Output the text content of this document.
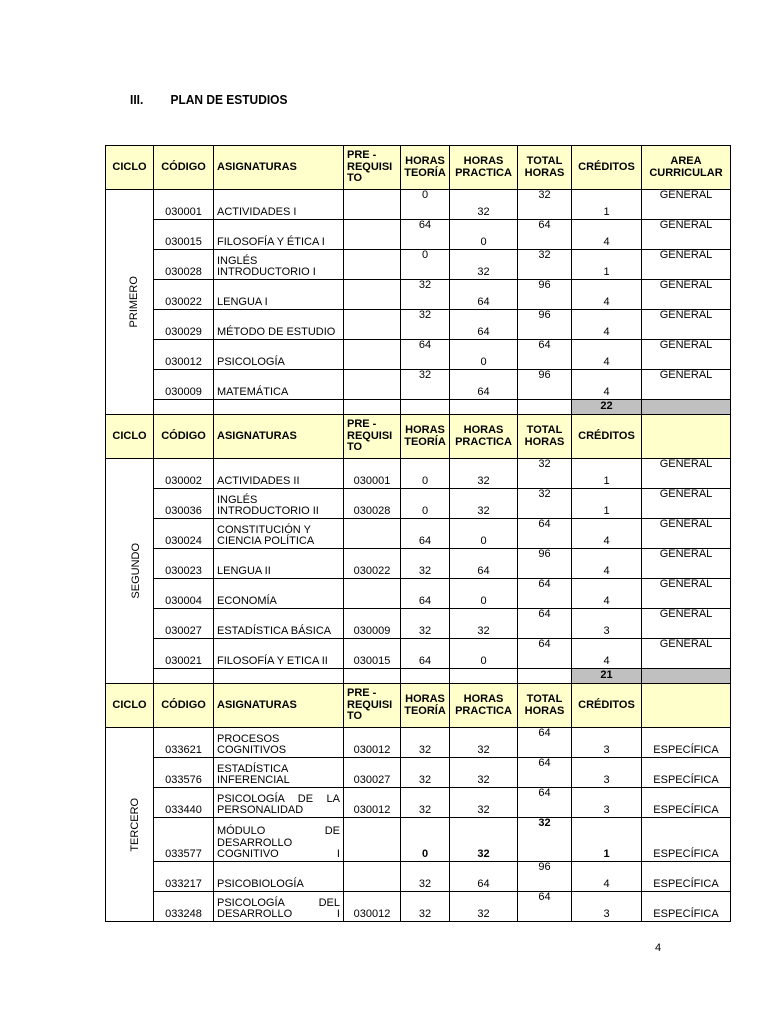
III. PLAN DE ESTUDIOS
CICLO	CÓDIGO	ASIGNATURAS	PRE - REQUISI TO	HORAS TEORÍA	HORAS PRACTICA	TOTAL HORAS	CRÉDITOS	AREA CURRICULAR
PRIMERO	030001	ACTIVIDADES I		0	32	32	1	GENERAL
	030015	FILOSOFÍA Y ÉTICA I		64	0	64	4	GENERAL
	030028	INGLÉS INTRODUCTORIO I		0	32	32	1	GENERAL
	030022	LENGUA I		32	64	96	4	GENERAL
	030029	MÉTODO DE ESTUDIO		32	64	96	4	GENERAL
	030012	PSICOLOGÍA		64	0	64	4	GENERAL
	030009	MATEMÁTICA		32	64	96	4	GENERAL
							22	
CICLO	CÓDIGO	ASIGNATURAS	PRE - REQUISI TO	HORAS TEORÍA	HORAS PRACTICA	TOTAL HORAS	CRÉDITOS	
SEGUNDO	030002	ACTIVIDADES II	030001	0	32	32	1	GENERAL
	030036	INGLÉS INTRODUCTORIO II	030028	0	32	32	1	GENERAL
	030024	CONSTITUCIÓN Y CIENCIA POLÍTICA		64	0	64	4	GENERAL
	030023	LENGUA II	030022	32	64	96	4	GENERAL
	030004	ECONOMÍA		64	0	64	4	GENERAL
	030027	ESTADÍSTICA BÁSICA	030009	32	32	64	3	GENERAL
	030021	FILOSOFÍA Y ETICA II	030015	64	0	64	4	GENERAL
							21	
CICLO	CÓDIGO	ASIGNATURAS	PRE - REQUISI TO	HORAS TEORÍA	HORAS PRACTICA	TOTAL HORAS	CRÉDITOS	
TERCERO	033621	PROCESOS COGNITIVOS	030012	32	32	64	3	ESPECÍFICA
	033576	ESTADÍSTICA INFERENCIAL	030027	32	32	64	3	ESPECÍFICA
	033440	PSICOLOGÍA DE LA PERSONALIDAD	030012	32	32	64	3	ESPECÍFICA
	033577	MÓDULO DE DESARROLLO COGNITIVO I		0	32	32	1	ESPECÍFICA
	033217	PSICOBIOLOGÍA		32	64	96	4	ESPECÍFICA
	033248	PSICOLOGÍA DEL DESARROLLO I	030012	32	32	64	3	ESPECÍFICA
4
